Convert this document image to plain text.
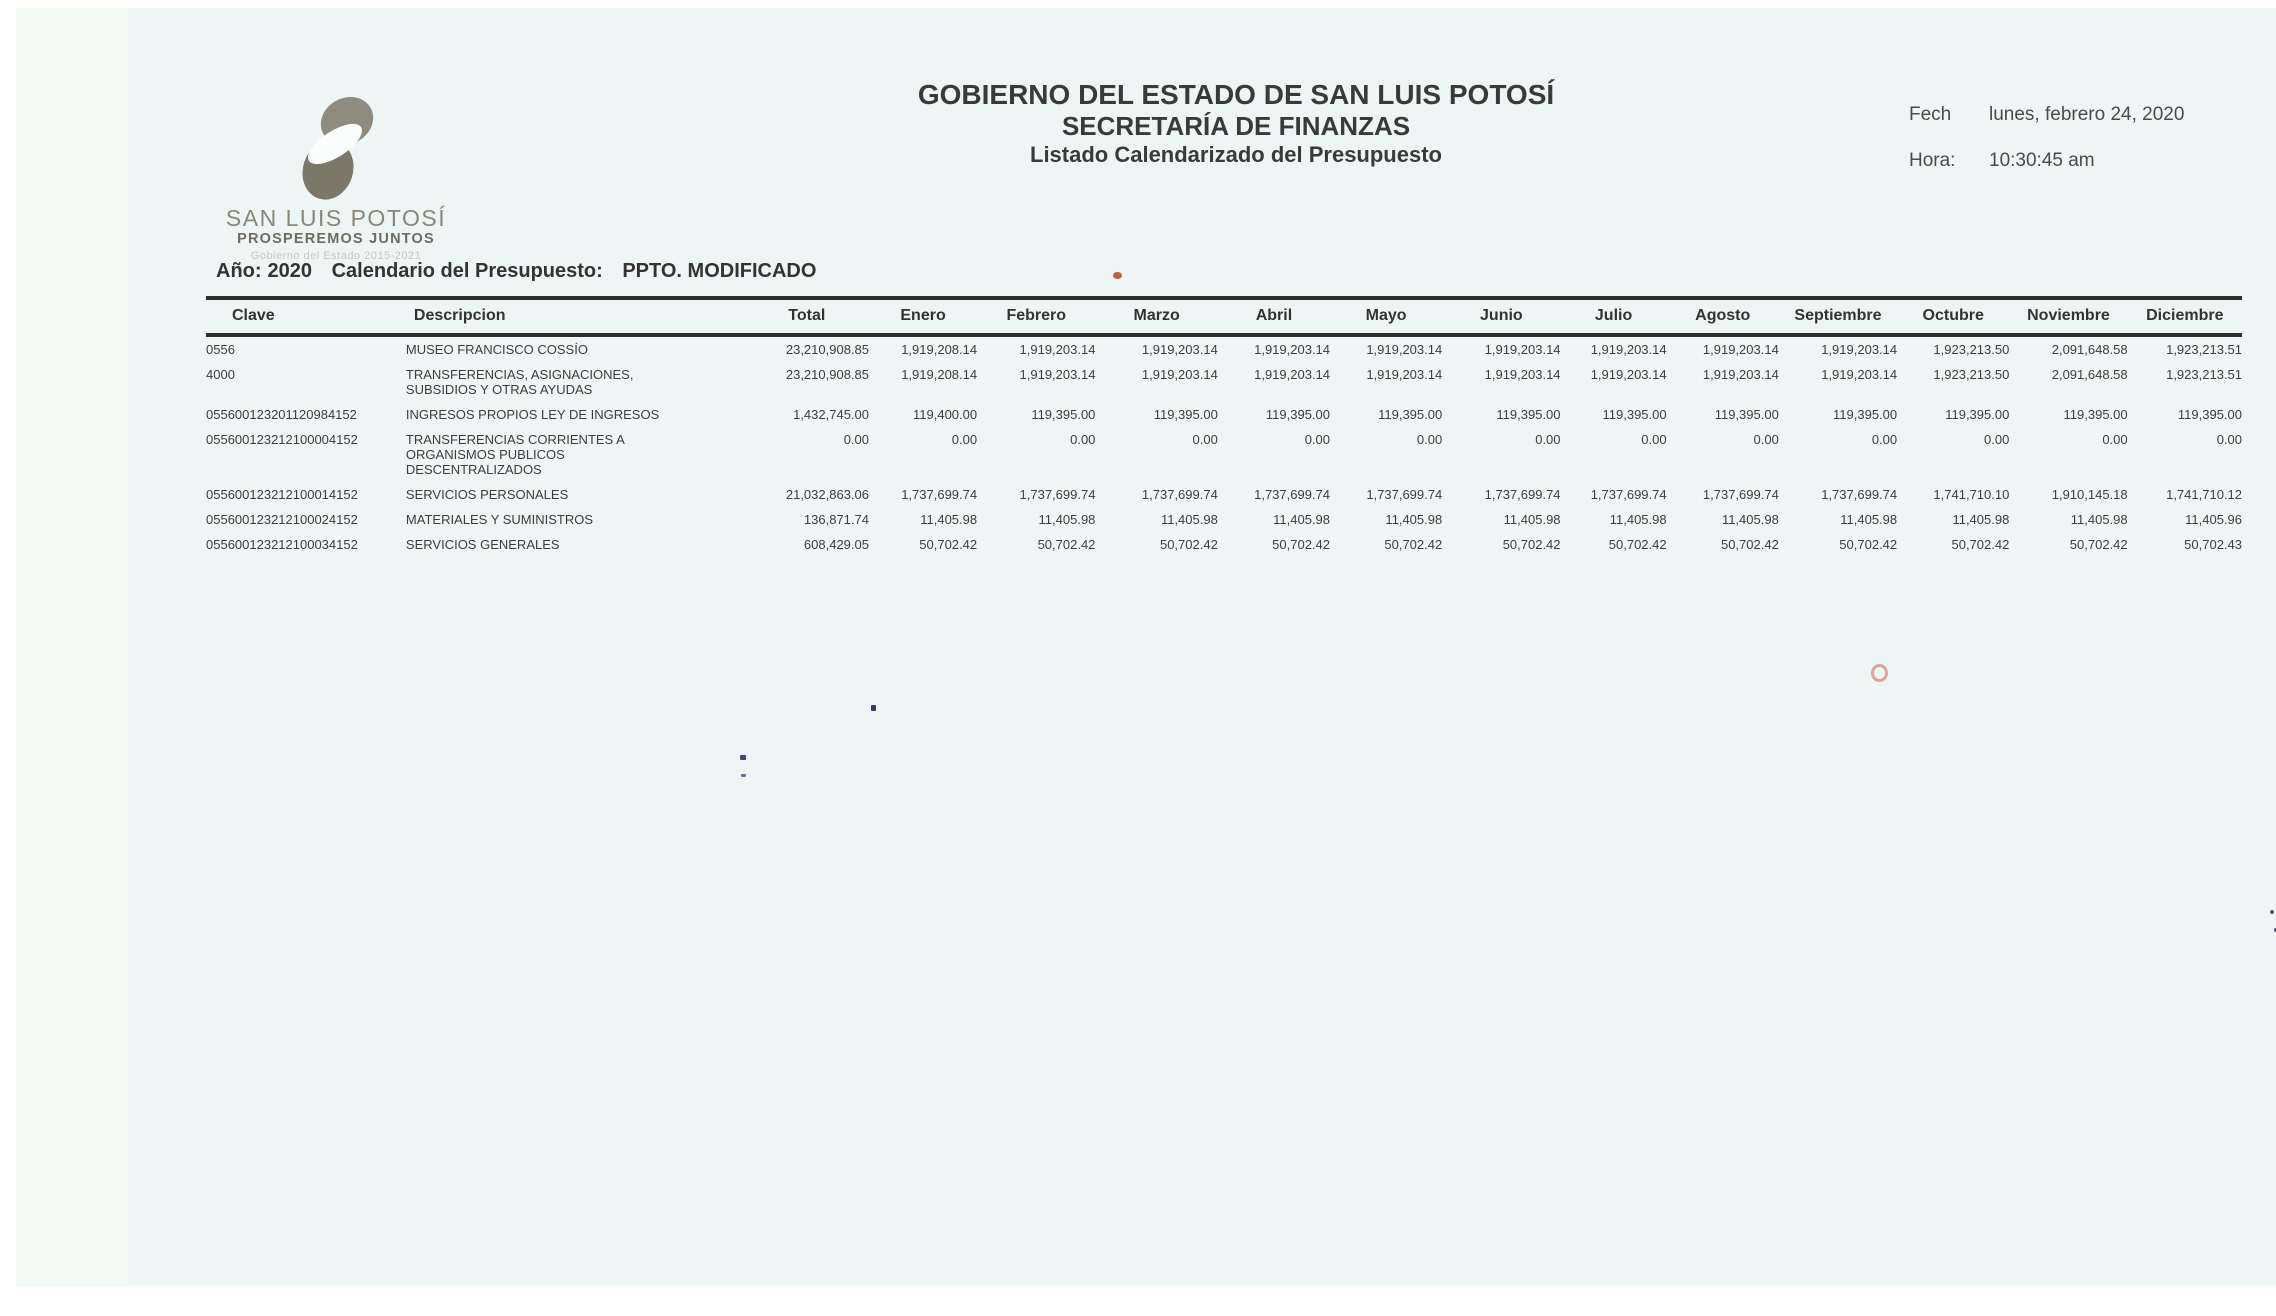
SAN LUIS POTOSÍ
PROSPEREMOS JUNTOS
Gobierno del Estado 2015-2021
GOBIERNO DEL ESTADO DE SAN LUIS POTOSÍ
SECRETARÍA DE FINANZAS
Listado Calendarizado del Presupuesto
Fech	lunes, febrero 24, 2020
Hora:	10:30:45 am
Año: 2020 Calendario del Presupuesto: PPTO. MODIFICADO
Clave	Descripcion	Total	Enero	Febrero	Marzo	Abril	Mayo	Junio	Julio	Agosto	Septiembre	Octubre	Noviembre	Diciembre
0556	MUSEO FRANCISCO COSSÍO	23,210,908.85	1,919,208.14	1,919,203.14	1,919,203.14	1,919,203.14	1,919,203.14	1,919,203.14	1,919,203.14	1,919,203.14	1,919,203.14	1,923,213.50	2,091,648.58	1,923,213.51
4000	TRANSFERENCIAS, ASIGNACIONES,
SUBSIDIOS Y OTRAS AYUDAS	23,210,908.85	1,919,208.14	1,919,203.14	1,919,203.14	1,919,203.14	1,919,203.14	1,919,203.14	1,919,203.14	1,919,203.14	1,919,203.14	1,923,213.50	2,091,648.58	1,923,213.51
055600123201120984152	INGRESOS PROPIOS LEY DE INGRESOS	1,432,745.00	119,400.00	119,395.00	119,395.00	119,395.00	119,395.00	119,395.00	119,395.00	119,395.00	119,395.00	119,395.00	119,395.00	119,395.00
055600123212100004152	TRANSFERENCIAS CORRIENTES A
ORGANISMOS PUBLICOS
DESCENTRALIZADOS	0.00	0.00	0.00	0.00	0.00	0.00	0.00	0.00	0.00	0.00	0.00	0.00	0.00
055600123212100014152	SERVICIOS PERSONALES	21,032,863.06	1,737,699.74	1,737,699.74	1,737,699.74	1,737,699.74	1,737,699.74	1,737,699.74	1,737,699.74	1,737,699.74	1,737,699.74	1,741,710.10	1,910,145.18	1,741,710.12
055600123212100024152	MATERIALES Y SUMINISTROS	136,871.74	11,405.98	11,405.98	11,405.98	11,405.98	11,405.98	11,405.98	11,405.98	11,405.98	11,405.98	11,405.98	11,405.98	11,405.96
055600123212100034152	SERVICIOS GENERALES	608,429.05	50,702.42	50,702.42	50,702.42	50,702.42	50,702.42	50,702.42	50,702.42	50,702.42	50,702.42	50,702.42	50,702.42	50,702.43
